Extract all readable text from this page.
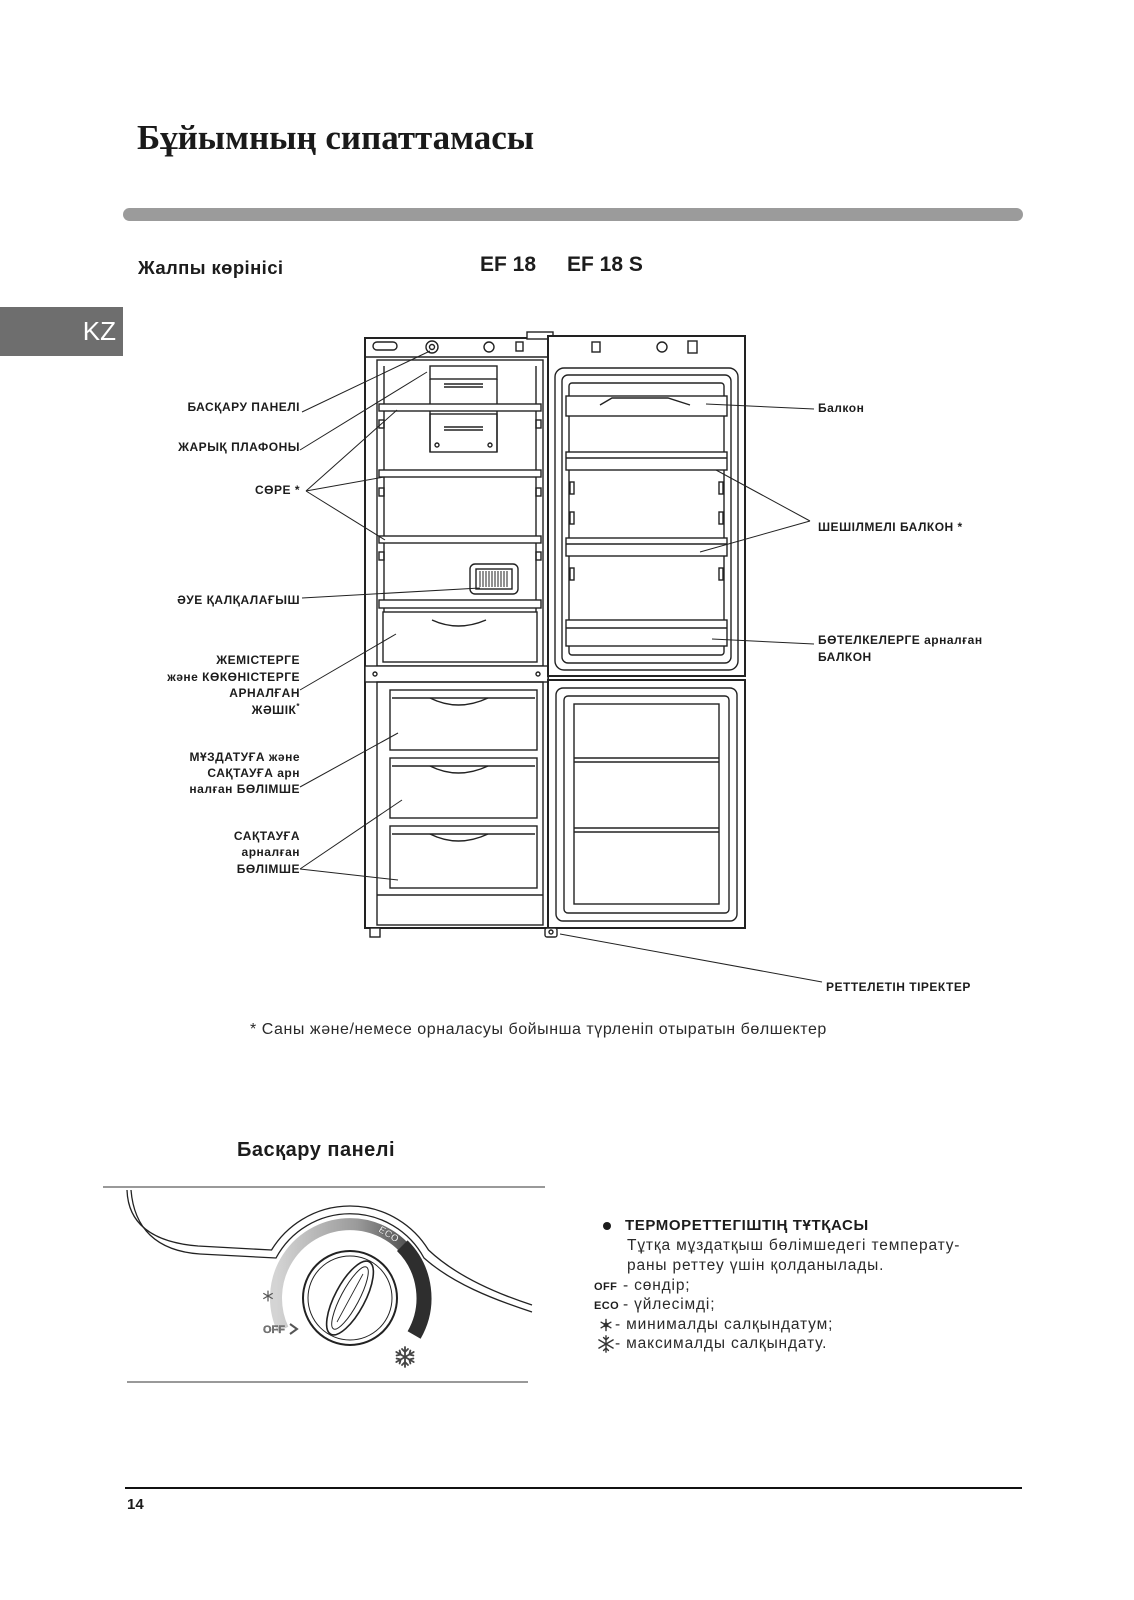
Бұйымның сипаттамасы
KZ
Жалпы көрінісі	EF 18 EF 18 S
БАСҚАРУ ПАНЕЛІ
ЖАРЫҚ ПЛАФОНЫ
СӨРЕ *
ӘУЕ ҚАЛҚАЛАҒЫШ
ЖЕМІСТЕРГЕ
және КӨКӨНІСТЕРГЕ
АРНАЛҒАН
ЖӘШІК*
МҰЗДАТУҒА және
САҚТАУҒА арн
налған БӨЛІМШЕ
САҚТАУҒА
арналған
БӨЛІМШЕ
Балкон
ШЕШІЛМЕЛІ БАЛКОН *
БӨТЕЛКЕЛЕРГЕ арналған
БАЛКОН
РЕТТЕЛЕТІН ТІРЕКТЕР
* Саны және/немесе орналасуы бойынша түрленіп отыратын бөлшектер
Басқару панелі
ECO
OFF
ТЕРМОРЕТТЕГІШТІҢ ТҰТҚАСЫ
Тұтқа мұздатқыш бөлімшедегі температу-
раны реттеу үшін қолданылады.
OFF - сөндір;
ECO - үйлесімді;
- минималды салқындатум;
- максималды салқындату.
14
